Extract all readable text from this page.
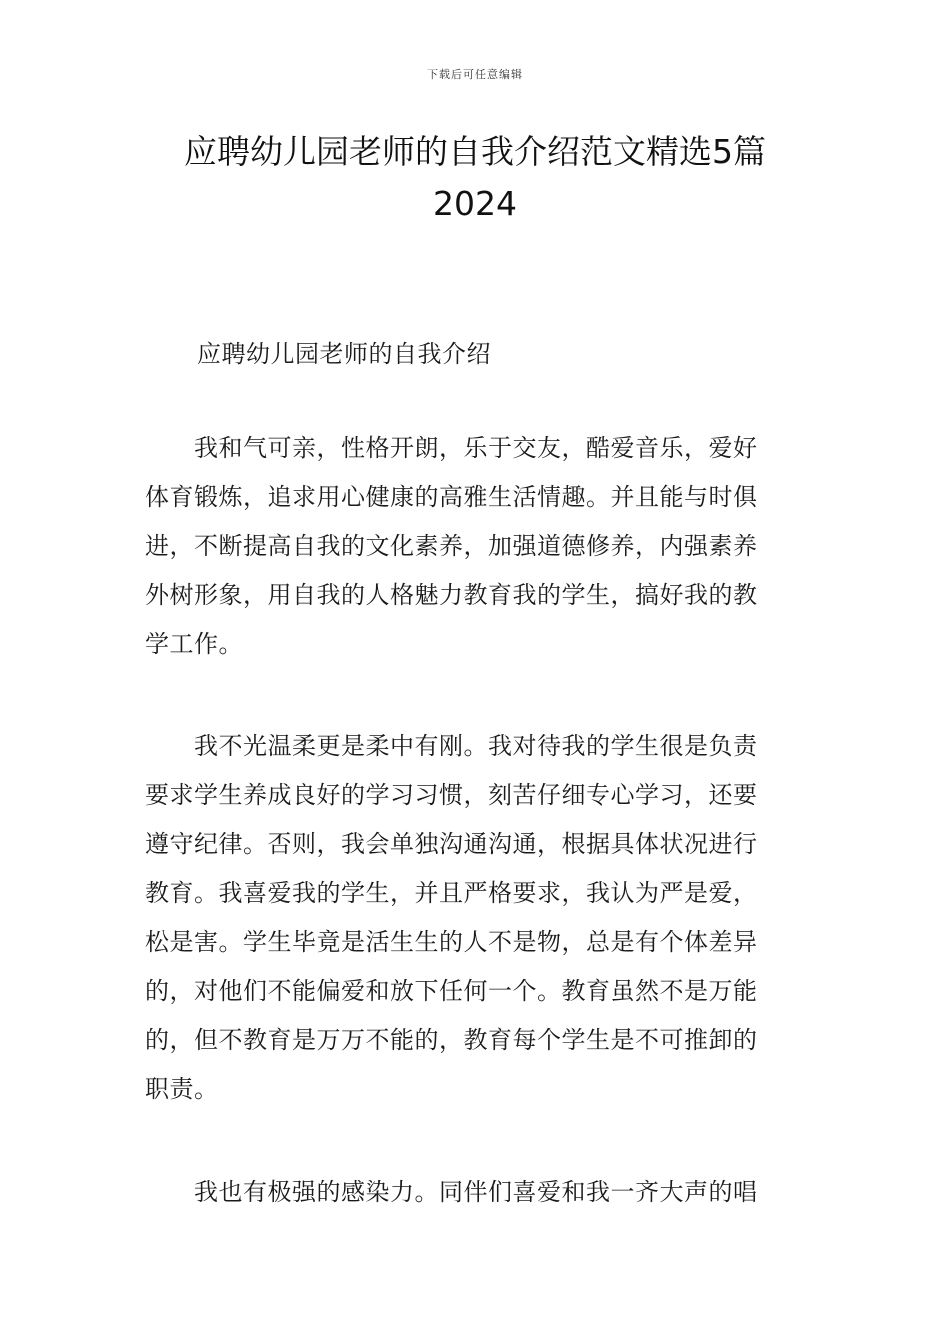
下载后可任意编辑
应聘幼儿园老师的自我介绍范文精选5篇
2024

应聘幼儿园老师的自我介绍

　　我和气可亲，性格开朗，乐于交友，酷爱音乐，爱好
体育锻炼，追求用心健康的高雅生活情趣。并且能与时俱
进，不断提高自我的文化素养，加强道德修养，内强素养
外树形象，用自我的人格魅力教育我的学生，搞好我的教
学工作。

　　我不光温柔更是柔中有刚。我对待我的学生很是负责
要求学生养成良好的学习习惯，刻苦仔细专心学习，还要
遵守纪律。否则，我会单独沟通沟通，根据具体状况进行
教育。我喜爱我的学生，并且严格要求，我认为严是爱，
松是害。学生毕竟是活生生的人不是物，总是有个体差异
的，对他们不能偏爱和放下任何一个。教育虽然不是万能
的，但不教育是万万不能的，教育每个学生是不可推卸的
职责。

　　我也有极强的感染力。同伴们喜爱和我一齐大声的唱
